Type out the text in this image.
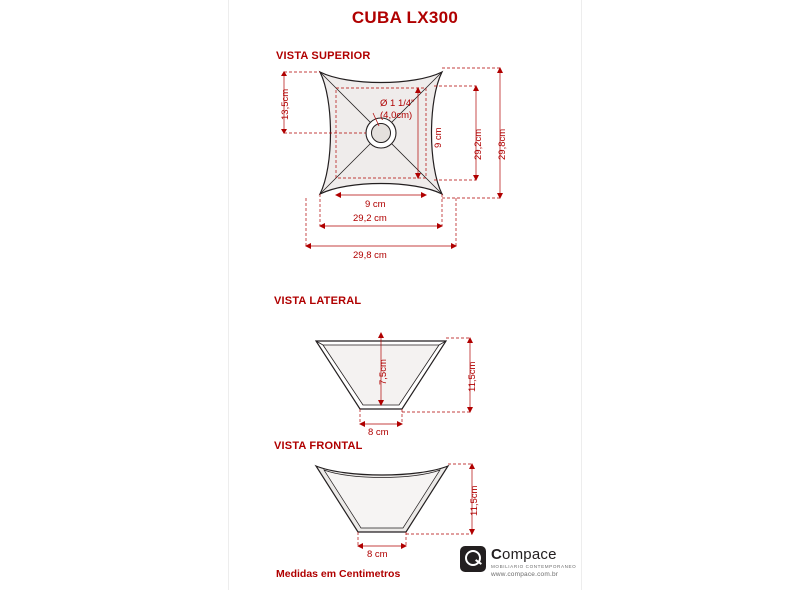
CUBA LX300
VISTA SUPERIOR
13,5cm	Ø 1 1/4"
(4,0cm)
9 cm
9 cm
29,2 cm
29,8 cm
29,2cm 29,8cm
VISTA LATERAL
7,5cm	11,5cm
8 cm
VISTA FRONTAL
11,5cm
8 cm
Medidas em Centimetros
Compace
MOBILIARIO CONTEMPORANEO
www.compace.com.br
